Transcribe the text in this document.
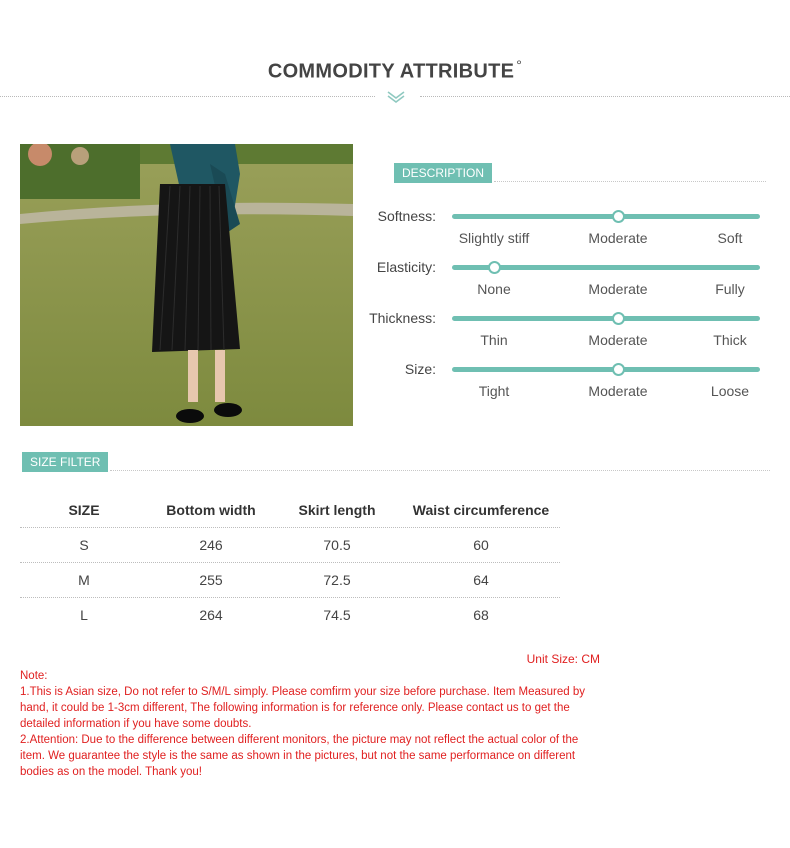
COMMODITY ATTRIBUTE °
DESCRIPTION
Softness:
Slightly stiff	Moderate	Soft
Elasticity:
None	Moderate	Fully
Thickness:
Thin	Moderate	Thick
Size:
Tight	Moderate	Loose
SIZE FILTER
SIZE	Bottom width	Skirt length	Waist circumference
S	246	70.5	60
M	255	72.5	64
L	264	74.5	68
Unit Size: CM

Note:

1.This is Asian size, Do not refer to S/M/L simply. Please comfirm your size before purchase. Item Measured by hand, it could be 1-3cm different, The following information is for reference only. Please contact us to get the detailed information if you have some doubts.

2.Attention: Due to the difference between different monitors, the picture may not reflect the actual color of the item. We guarantee the style is the same as shown in the pictures, but not the same performance on different bodies as on the model. Thank you!
